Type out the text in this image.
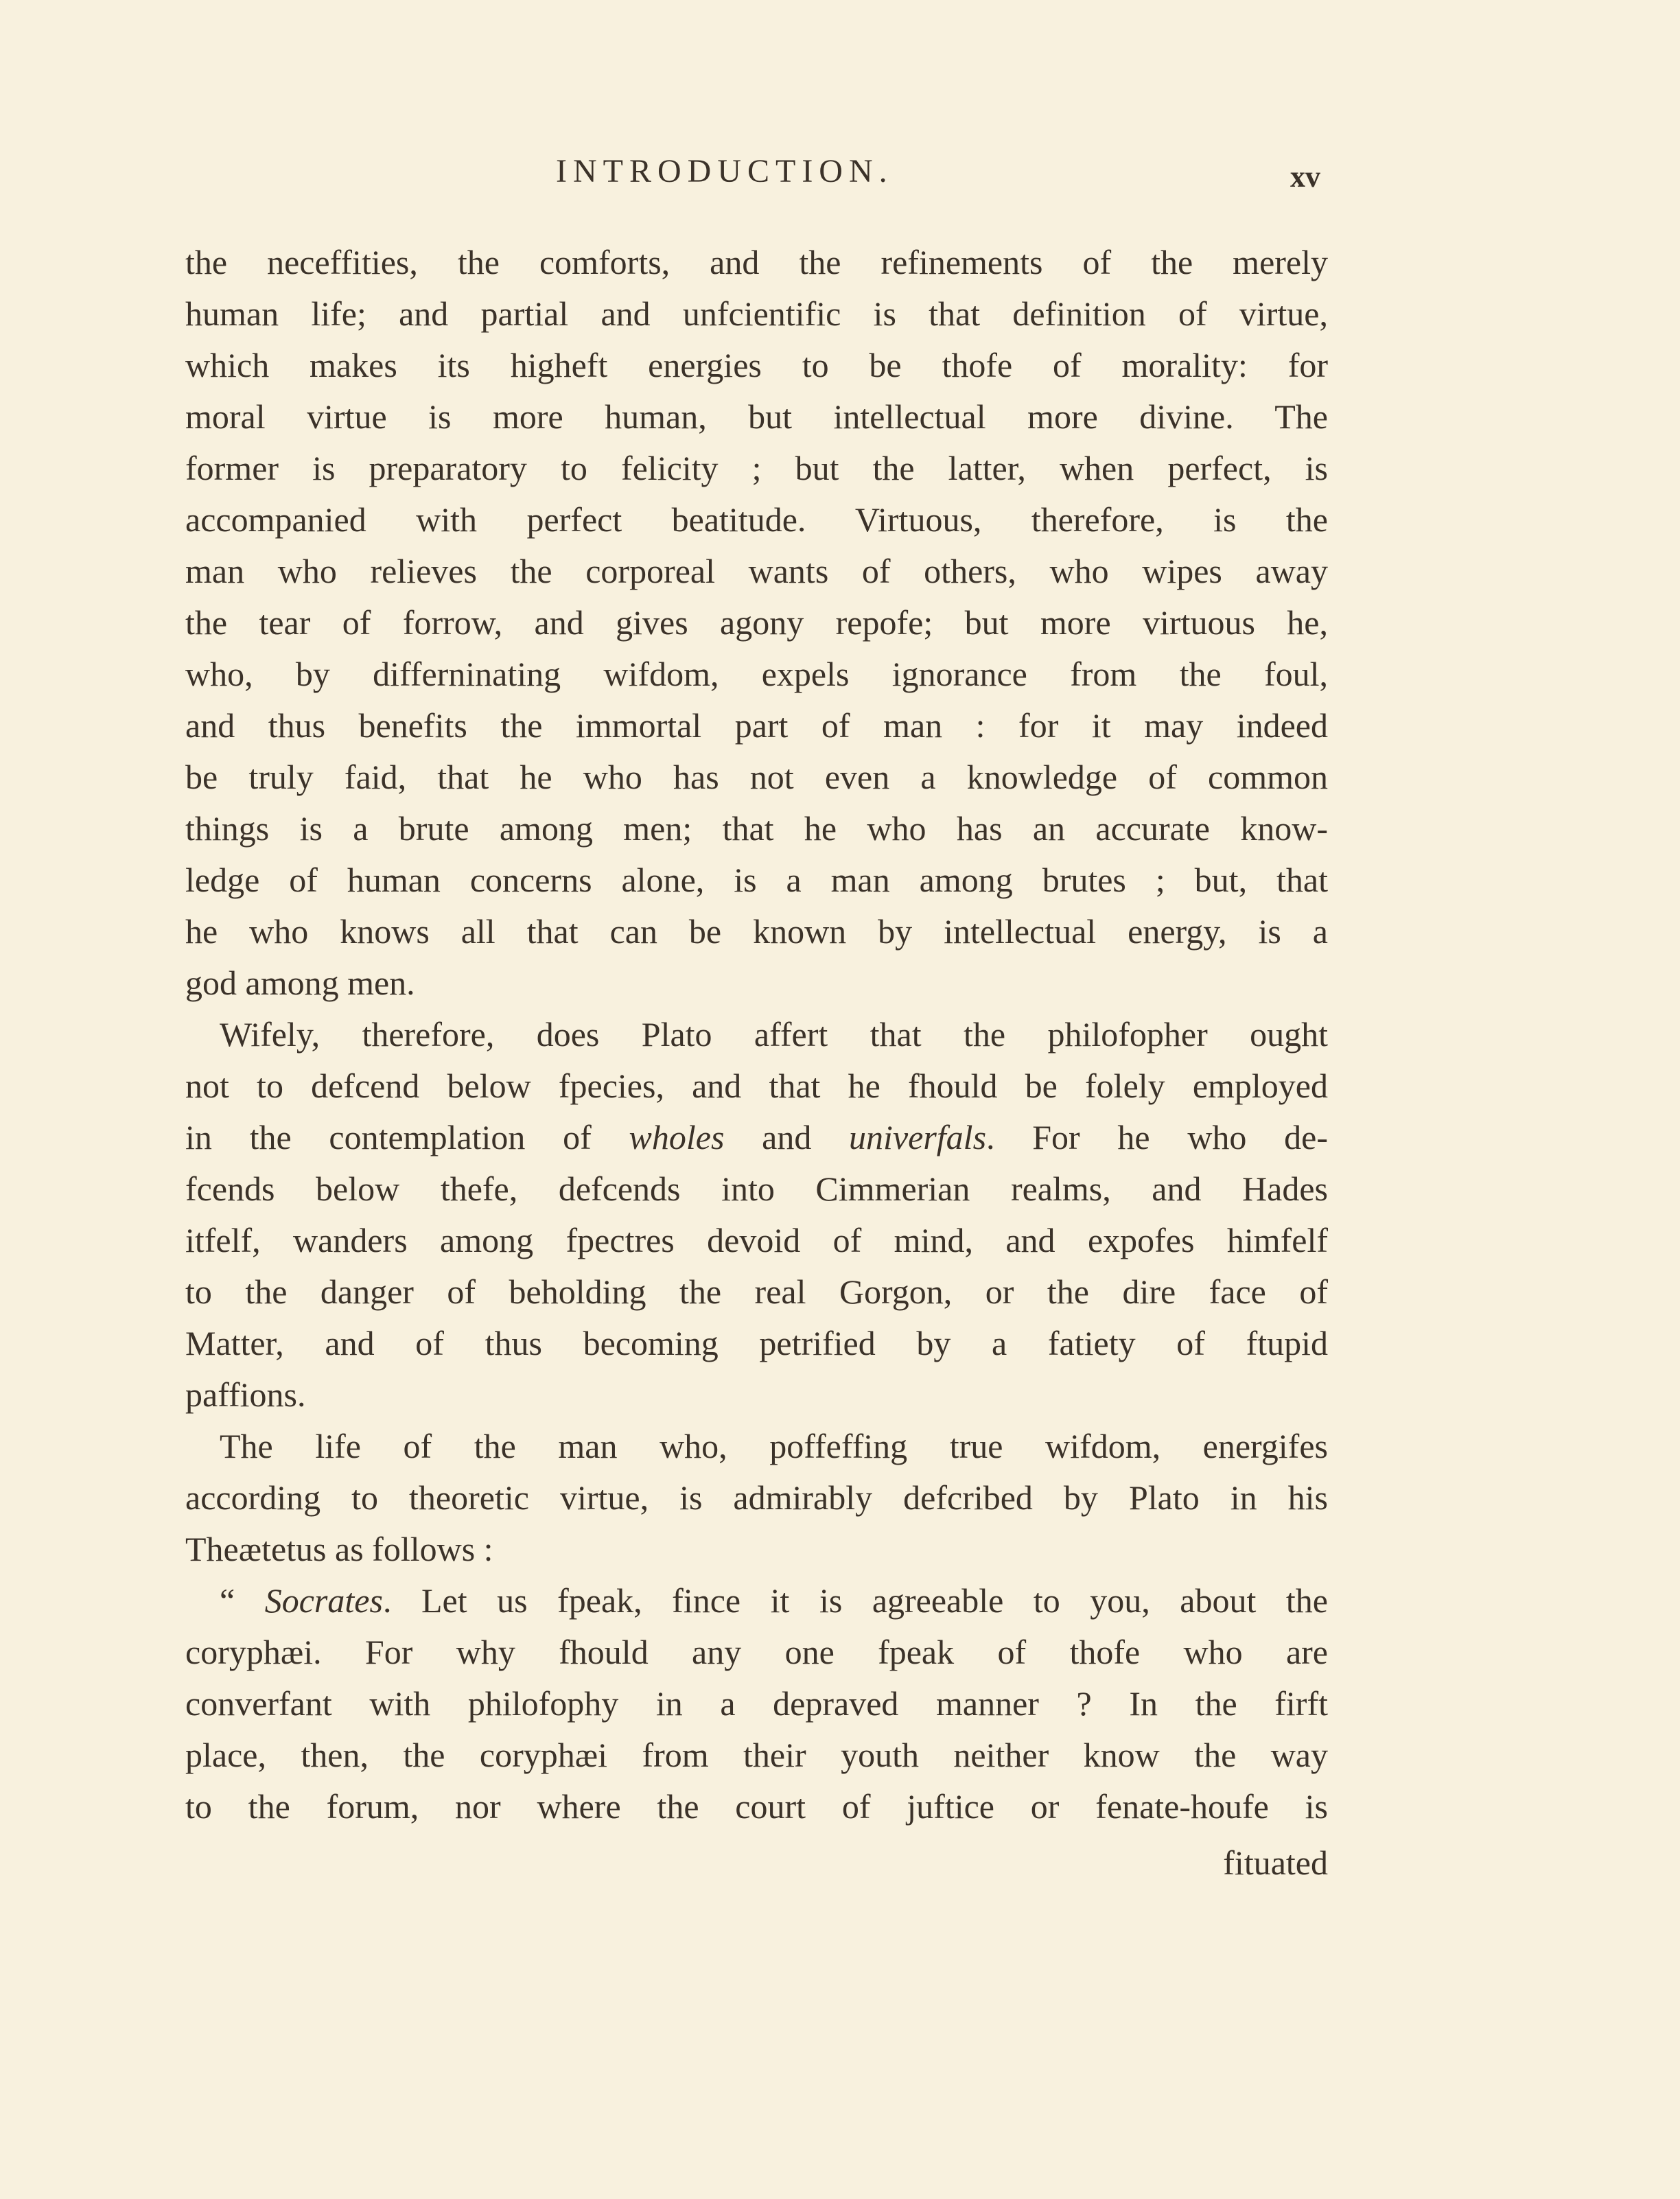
INTRODUCTION.	xv
the neceffities, the comforts, and the refinements of the merely
human life; and partial and unfcientific is that definition of virtue,
which makes its higheft energies to be thofe of morality: for
moral virtue is more human, but intellectual more divine. The
former is preparatory to felicity ; but the latter, when perfect, is
accompanied with perfect beatitude. Virtuous, therefore, is the
man who relieves the corporeal wants of others, who wipes away
the tear of forrow, and gives agony repofe; but more virtuous he,
who, by differninating wifdom, expels ignorance from the foul,
and thus benefits the immortal part of man : for it may indeed
be truly faid, that he who has not even a knowledge of common
things is a brute among men; that he who has an accurate know-
ledge of human concerns alone, is a man among brutes ; but, that
he who knows all that can be known by intellectual energy, is a
god among men.
Wifely, therefore, does Plato affert that the philofopher ought
not to defcend below fpecies, and that he fhould be folely employed
in the contemplation of wholes and univerfals. For he who de-
fcends below thefe, defcends into Cimmerian realms, and Hades
itfelf, wanders among fpectres devoid of mind, and expofes himfelf
to the danger of beholding the real Gorgon, or the dire face of
Matter, and of thus becoming petrified by a fatiety of ftupid
paffions.
The life of the man who, poffeffing true wifdom, energifes
according to theoretic virtue, is admirably defcribed by Plato in his
Theætetus as follows :
“ Socrates. Let us fpeak, fince it is agreeable to you, about the
coryphæi. For why fhould any one fpeak of thofe who are
converfant with philofophy in a depraved manner ? In the firft
place, then, the coryphæi from their youth neither know the way
to the forum, nor where the court of juftice or fenate-houfe is
fituated
